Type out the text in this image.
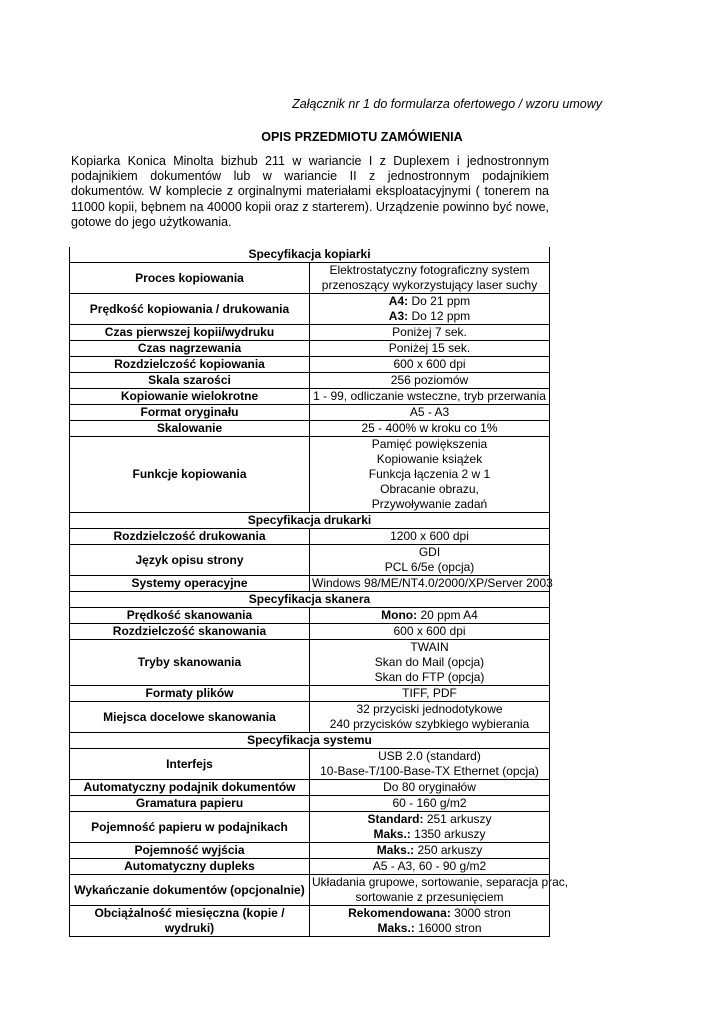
Załącznik nr 1 do formularza ofertowego / wzoru umowy
OPIS PRZEDMIOTU ZAMÓWIENIA

Kopiarka Konica Minolta bizhub 211 w wariancie I z Duplexem i jednostronnym podajnikiem dokumentów lub w wariancie II z jednostronnym podajnikiem dokumentów. W komplecie z orginalnymi materiałami eksploatacyjnymi ( tonerem na 11000 kopii, bębnem na 40000 kopii oraz z starterem). Urządzenie powinno być nowe, gotowe do jego użytkowania.

Specyfikacja kopiarki	
Proces kopiowania	Elektrostatyczny fotograficzny system
przenoszący wykorzystujący laser suchy

Prędkość kopiowania / drukowania	A4: Do 21 ppm
A3: Do 12 ppm

Czas pierwszej kopii/wydruku	Poniżej 7 sek.

Czas nagrzewania	Poniżej 15 sek.

Rozdzielczość kopiowania	600 x 600 dpi

Skala szarości	256 poziomów

Kopiowanie wielokrotne	1 - 99, odliczanie wsteczne, tryb przerwania

Format oryginału	A5 - A3

Skalowanie	25 - 400% w kroku co 1%

Funkcje kopiowania	Pamięć powiększenia
Kopiowanie książek
Funkcja łączenia 2 w 1
Obracanie obrazu,
Przywoływanie zadań

Specyfikacja drukarki	
Rozdzielczość drukowania	1200 x 600 dpi

Język opisu strony	GDI
PCL 6/5e (opcja)

Systemy operacyjne	Windows 98/ME/NT4.0/2000/XP/Server 2003

Specyfikacja skanera	
Prędkość skanowania	Mono: 20 ppm A4

Rozdzielczość skanowania	600 x 600 dpi

Tryby skanowania	TWAIN
Skan do Mail (opcja)
Skan do FTP (opcja)

Formaty plików	TIFF, PDF

Miejsca docelowe skanowania	32 przyciski jednodotykowe
240 przycisków szybkiego wybierania

Specyfikacja systemu	
Interfejs	USB 2.0 (standard)
10-Base-T/100-Base-TX Ethernet (opcja)

Automatyczny podajnik dokumentów	Do 80 oryginałów

Gramatura papieru	60 - 160 g/m2

Pojemność papieru w podajnikach	Standard: 251 arkuszy
Maks.: 1350 arkuszy

Pojemność wyjścia	Maks.: 250 arkuszy

Automatyczny dupleks	A5 - A3, 60 - 90 g/m2

Wykańczanie dokumentów (opcjonalnie)	Układania grupowe, sortowanie, separacja prac,
sortowanie z przesunięciem

Obciążalność miesięczna (kopie / wydruki)	Rekomendowana: 3000 stron
Maks.: 16000 stron
